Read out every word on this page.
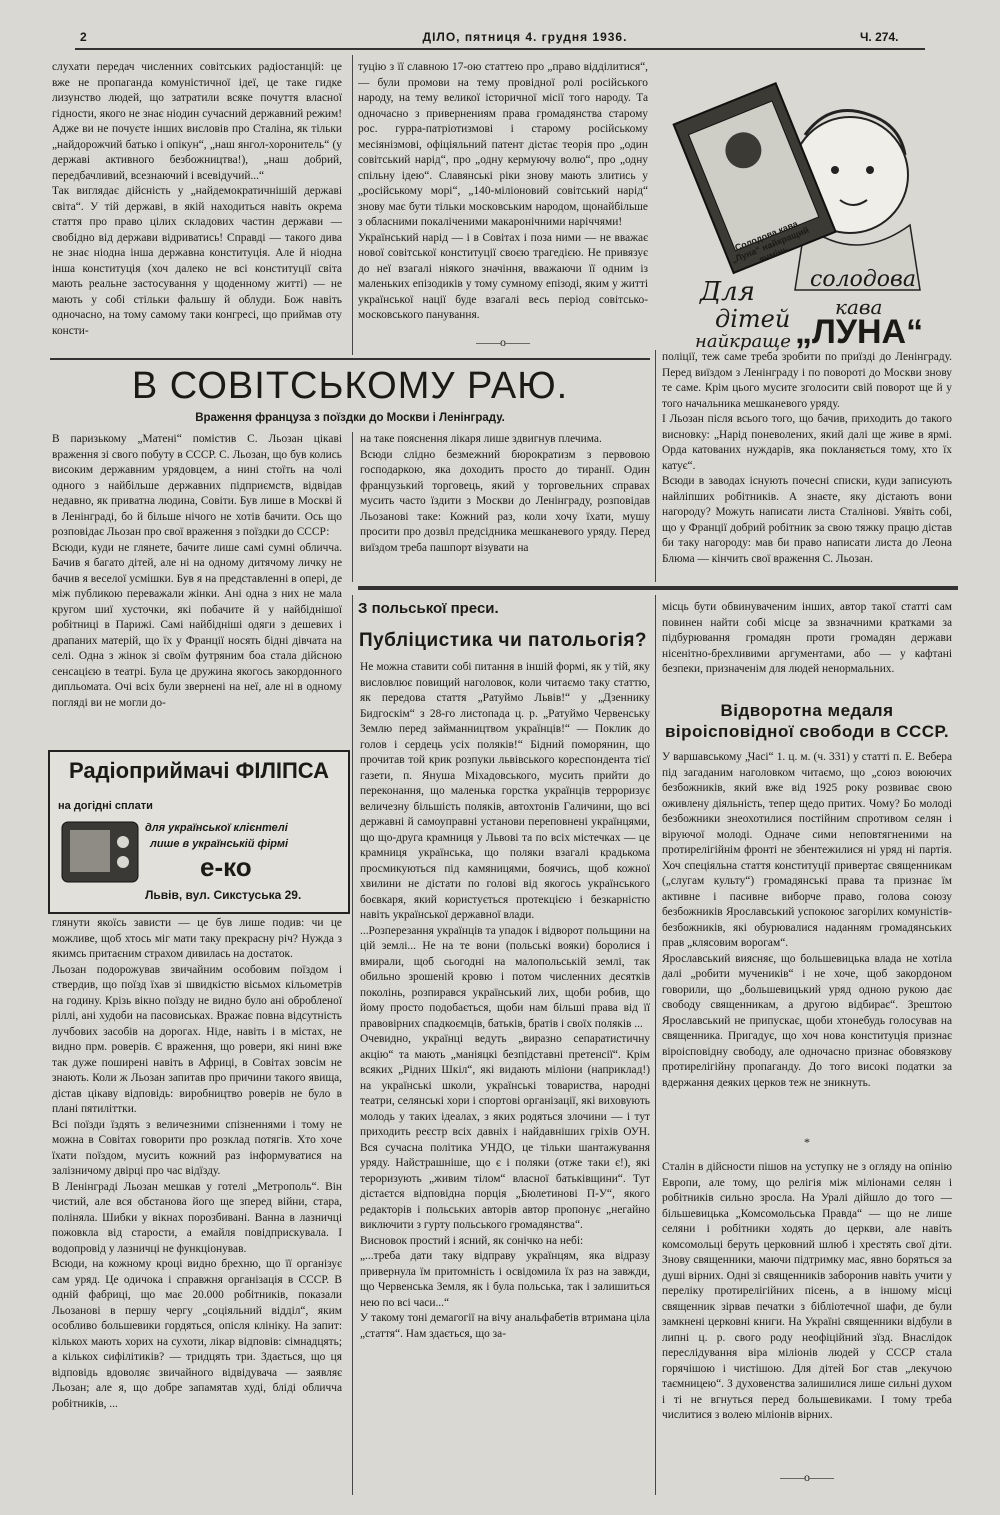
2	ДІЛО, пятниця 4. грудня 1936.	Ч. 274.
слухати передач численних совітських радіостанцій: це вже не пропаганда комуністичної ідеї, це таке гидке лизунство людей, що затратили всяке почуття власної гідности, якого не знає ніодин сучасний державний режим! Адже ви не почуєте інших висловів про Сталіна, як тільки „найдорожчий батько і опікун“, „наш янгол-хоронитель“ (у державі активного безбожництва!), „наш добрий, передбачливий, всезнаючий і всевідучий...“
Так виглядає дійсність у „найдемократичнішій державі світа“. У тій державі, в якій находиться навіть окрема стаття про право цілих складових частин держави — свобідно від держави відриватись! Справді — такого дива не знає ніодна інша державна конституція. Але й ніодна інша конституція (хоч далеко не всі конституції світа мають реальне застосування у щоденному житті) — не мають у собі стільки фальшу й облуди. Бож навіть одночасно, на тому самому таки конгресі, що приймав оту консти-
туцію з її славною 17-ою статтею про „право відділитися“, — були промови на тему провідної ролі російського народу, на тему великої історичної місії того народу. Та одночасно з привернениям права громадянства старому рос. гурра-патріотизмові і старому російському месіянізмові, офіціяльний патент дістає теорія про „один совітський нарід“, про „одну кермуючу волю“, про „одну спільну ідею“. Славянські ріки знову мають злитись у „російському морі“, „140-міліоновий совітський нарід“ знову має бути тільки московським народом, щонайбільше з обласними покаліченими макаронічними наріччями!
Український нарід — і в Совітах і поза ними — не вважає нової совітської конституції своєю трагедією. Не привязує до неї взагалі ніякого значіння, вважаючи її одним із маленьких епізодиків у тому сумному епізоді, яким у житті української нації буде взагалі весь період совітсько-московського панування.
——o——
Солодова кава „Луна“ найкращий ячмінь
Для	солодова
дітей кава
найкраще „ЛУНА“
В СОВІТСЬКОМУ РАЮ.
Враження француза з поїздки до Москви і Ленінграду.
В паризькому „Матені“ помістив С. Льозан цікаві враження зі свого побуту в СССР. С. Льозан, що був колись високим державним урядовцем, а нині стоїть на чолі одного з найбільше державних підприємств, відвідав недавно, як приватна людина, Совіти. Був лише в Москві й в Ленінграді, бо й більше нічого не хотів бачити. Ось що розповідає Льозан про свої враження з поїздки до СССР:
Всюди, куди не глянете, бачите лише самі сумні обличча. Бачив я багато дітей, але ні на одному дитячому личку не бачив я веселої усмішки. Був я на представленні в опері, де між публикою переважали жінки. Ані одна з них не мала кругом шиї хусточки, які побачите й у найбіднішої робітниці в Парижі. Самі найбідніші одяги з дешевих і драпаних матерій, що їх у Франції носять бідні дівчата на селі. Одна з жінок зі своїм футряним боа стала дійсною сенсацією в театрі. Була це дружина якогось закордонного дипльомата. Очі всіх були звернені на неї, але ні в одному погляді ви не могли до-
на таке пояснення лікаря лише здвигнув плечима.
Всюди слідно безмежний бюрократизм з первовою господаркою, яка доходить просто до тиранії. Один французький торговець, який у торговельних справах мусить часто їздити з Москви до Ленінграду, розповідав Льозанові таке: Кожний раз, коли хочу їхати, мушу просити про дозвіл предсідника мешканевого уряду. Перед виїздом треба пашпорт візувати на
поліції, теж саме треба зробити по приїзді до Ленінграду. Перед виїздом з Ленінграду і по повороті до Москви знову те саме. Крім цього мусите зголосити свій поворот ще й у того начальника мешканевого уряду.
І Льозан після всього того, що бачив, приходить до такого висновку: „Нарід поневолених, який далі ще живе в ярмі. Орда катованих нуждарів, яка покланяється тому, хто їх катує“.
Всюди в заводах існують почесні списки, куди записують найліпших робітників. А знаєте, яку дістають вони нагороду? Можуть написати листа Сталінові. Уявіть собі, що у Франції добрий робітник за свою тяжку працю дістав би таку нагороду: мав би право написати листа до Леона Блюма — кінчить свої враження С. Льозан.
Радіоприймачі ФІЛІПСА
на догідні сплати
для української клієнтелі
лише в українській фірмі
е-ко
Львів, вул. Сикстуська 29.
глянути якоїсь зависти — це був лише подив: чи це можливе, щоб хтось міг мати таку прекрасну річ? Нужда з якимсь притаєним страхом дивилась на достаток.
Льозан подорожував звичайним особовим поїздом і ствердив, що поїзд їхав зі швидкістю вісьмох кільометрів на годину. Крізь вікно поїзду не видно було ані обробленої ріллі, ані худоби на пасовиськах. Вражає повна відсутність лучбових засобів на дорогах. Ніде, навіть і в містах, не видно прм. роверів. Є враження, що ровери, які нині вже так дуже поширені навіть в Африці, в Совітах зовсім не знають. Коли ж Льозан запитав про причини такого явища, дістав цікаву відповідь: виробництво роверів не було в плані пятиліттки.
Всі поїзди їздять з величезними спізненнями і тому не можна в Совітах говорити про розклад потягів. Хто хоче їхати поїздом, мусить кожний раз інформуватися на залізничому двірці про час відїзду.
В Ленінграді Льозан мешкав у готелі „Метрополь“. Він чистий, але вся обстанова його ще зперед війни, стара, поліняла. Шибки у вікнах порозбивані. Ванна в лазничці пожовкла від старости, а емайля повідприскувала. І водопровід у лазничці не функціонував.
Всюди, на кожному кроці видно брехню, що її організує сам уряд. Це одичока і справжня організація в СССР. В одній фабриці, що має 20.000 робітників, показали Льозанові в першу чергу „соціяльний відділ“, яким особливо большевики гордяться, опісля клініку. На запит: кількох мають хорих на сухоти, лікар відповів: сімнадцять; а кількох сифілітиків? — тридцять три. Здається, що ця відповідь вдоволяє звичайного відвідувача — заявляє Льозан; але я, що добре запамятав худі, бліді обличча робітників, ...
З польської преси.
Публіцистика чи патольогія?
Не можна ставити собі питання в іншій формі, як у тій, яку висловлює повищий наголовок, коли читаємо таку статтю, як передова стаття „Ратуймо Львів!“ у „Дзеннику Бидгоскім“ з 28-го листопада ц. р. „Ратуймо Червенську Землю перед займанництвом українців!“ — Поклик до голов і сердець усіх поляків!“ Бідний поморянин, що прочитав той крик розпуки львівського кореспондента тієї газети, п. Януша Міхадовського, мусить прийти до переконання, що маленька горстка українців терроризує величезну більшість поляків, автохтонів Галичини, що всі державні й самоуправні установи переповнені українцями, що що-друга крамниця у Львові та по всіх містечках — це крамниця українська, що поляки взагалі крадькома просмикуються під камяницями, боячись, щоб кожної хвилини не дістати по голові від якогось українського боєвкаря, який користується протекцією і безкарністю навіть української державної влади.
...Розперезання українців та упадок і відворот польщини на цій землі... Не на те вони (польські вояки) боролися і вмирали, щоб сьогодні на малопольській землі, так обильно зрошеній кровю і потом численних десятків поколінь, розпирався український лих, щоби робив, що йому просто подобається, щоби нам більші права від її правовірних спадкоємців, батьків, братів і своїх поляків ...
Очевидно, українці ведуть „виразно сепаратистичну акцію“ та мають „маніяцкі безпідставні претенсії“. Крім всяких „Рідних Шкіл“, які видають міліони (наприклад!) на українські школи, українські товариства, народні театри, селянські хори і спортові організації, які виховують молодь у таких ідеалах, з яких родяться злочини — і тут приходить реєстр всіх давніх і найдавніших гріхів ОУН. Вся сучасна політика УНДО, це тільки шантажування уряду. Найстрашніше, що є і поляки (отже таки є!), які тероризують „живим тілом“ власної батьківщини“. Тут дістаєтся відповідна порція „Бюлетинові П-У“, якого редакторів і польських авторів автор пропонує „негайно виключити з гурту польського громадянства“.
Висновок простий і ясний, як сонічко на небі:
„...треба дати таку відправу українцям, яка відразу привернула їм притомність і освідомила їх раз на завжди, що Червенська Земля, як і була польська, так і залишиться нею по всі часи...“
У такому тоні демагогії на вічу анальфабетів втримана ціла „стаття“. Нам здається, що за-
місць бути обвинуваченим інших, автор такої статті сам повинен найти собі місце за звзначними кратками за підбурювання громадян проти громадян держави нісенітно-брехливими аргументами, або — у кафтані безпеки, призначенім для людей ненормальних.
Відворотна медаля віроісповідної свободи в СССР.
У варшавському „Часі“ 1. ц. м. (ч. 331) у статті п. Е. Вебера під загаданим наголовком читаємо, що „союз воюючих безбожників, який вже від 1925 року розвиває свою оживлену діяльність, тепер щедо притих. Чому? Бо молоді безбожники знеохотилися постійним спротивом селян і віруючої молоді. Одначе сими неповтягненими на протирелігійнім фронті не збентежилися ні уряд ні партія. Хоч спеціяльна стаття конституції привертає священникам („слугам культу“) громадянські права та признає їм активне і пасивне виборче право, голова союзу безбожників Ярославський успокоює загорілих комуністів-безбожників, які обурювалися наданням громадянських прав „клясовим ворогам“.
Ярославський виясняє, що большевицька влада не хотіла далі „робити мучеників“ і не хоче, щоб закордоном говорили, що „большевицький уряд одною рукою дає свободу священникам, а другою відбирає“. Зрештою Ярославський не припускає, щоби хтонебудь голосував на священника. Пригадує, що хоч нова конституція признає віроісповідну свободу, але одночасно признає обовязкову протирелігійну пропаганду. До того високі податки за вдержання деяких церков теж не зникнуть.
*
Сталін в дійсности пішов на уступку не з огляду на опінію Европи, але тому, що релігія між міліонами селян і робітників сильно зросла. На Уралі дійшло до того — більшевицька „Комсомольська Правда“ — що не лише селяни і робітники ходять до церкви, але навіть комсомольці беруть церковний шлюб і хрестять свої діти. Знову священники, маючи підтримку мас, явно боряться за душі вірних. Одні зі священників заборонив навіть учити у переліку протирелігійних пісень, а в іншому місці священник зірвав печатки з бібліотечної шафи, де були замкнені церковні книги. На Україні священники відбули в липні ц. р. свого роду неофіційний зїзд. Внаслідок переслідування віра міліонів людей у СССР стала горячішою і чистішою. Для дітей Бог став „лекучою таємницею“. З духовенства залишилися лише сильні духом і ті не вгнуться перед большевиками. І тому треба числитися з волею міліонів вірних.
——o——
